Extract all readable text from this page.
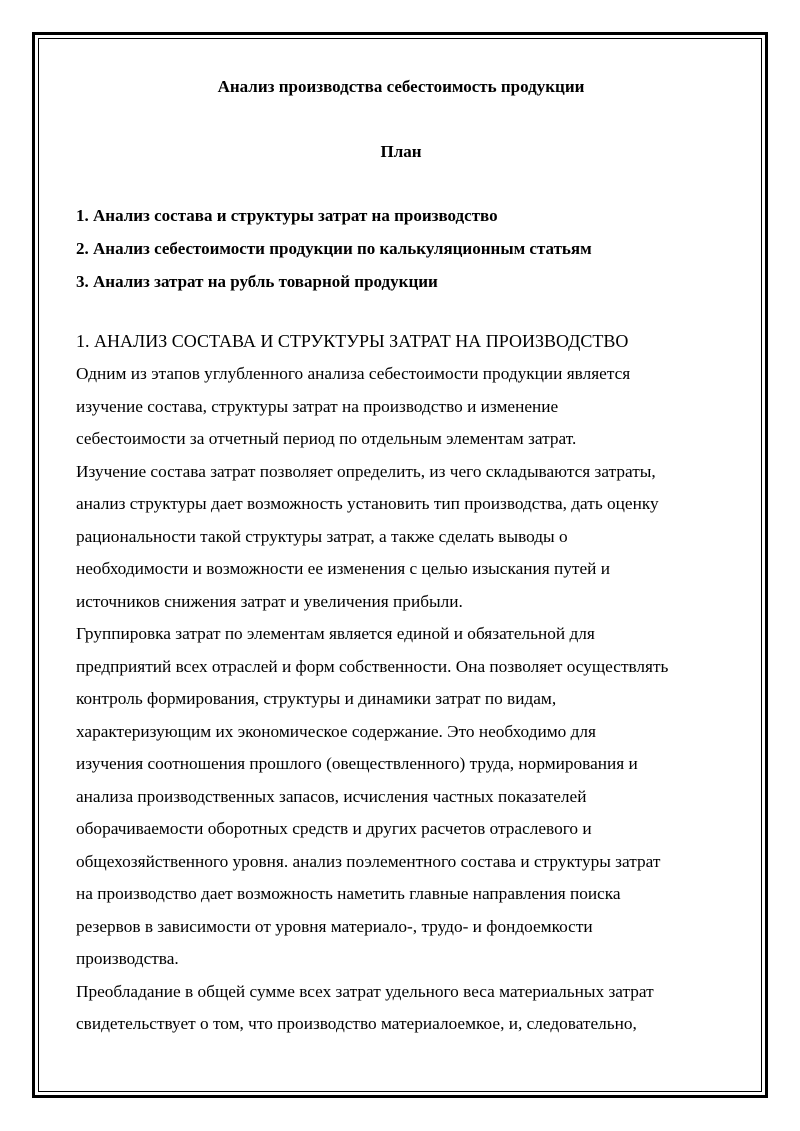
Анализ производства себестоимость продукции

План

1. Анализ состава и структуры затрат на производство
2. Анализ себестоимости продукции по калькуляционным статьям
3. Анализ затрат на рубль товарной продукции

1. АНАЛИЗ СОСТАВА И СТРУКТУРЫ ЗАТРАТ НА ПРОИЗВОДСТВО

Одним из этапов углубленного анализа себестоимости продукции является
изучение состава, структуры затрат на производство и изменение
себестоимости за отчетный период по отдельным элементам затрат.

Изучение состава затрат позволяет определить, из чего складываются затраты,
анализ структуры дает возможность установить тип производства, дать оценку
рациональности такой структуры затрат, а также сделать выводы о
необходимости и возможности ее изменения с целью изыскания путей и
источников снижения затрат и увеличения прибыли.

Группировка затрат по элементам является единой и обязательной для
предприятий всех отраслей и форм собственности. Она позволяет осуществлять
контроль формирования, структуры и динамики затрат по видам,
характеризующим их экономическое содержание. Это необходимо для
изучения соотношения прошлого (овеществленного) труда, нормирования и
анализа производственных запасов, исчисления частных показателей
оборачиваемости оборотных средств и других расчетов отраслевого и
общехозяйственного уровня. анализ поэлементного состава и структуры затрат
на производство дает возможность наметить главные направления поиска
резервов в зависимости от уровня материало-, трудо- и фондоемкости
производства.

Преобладание в общей сумме всех затрат удельного веса материальных затрат
свидетельствует о том, что производство материалоемкое, и, следовательно,
